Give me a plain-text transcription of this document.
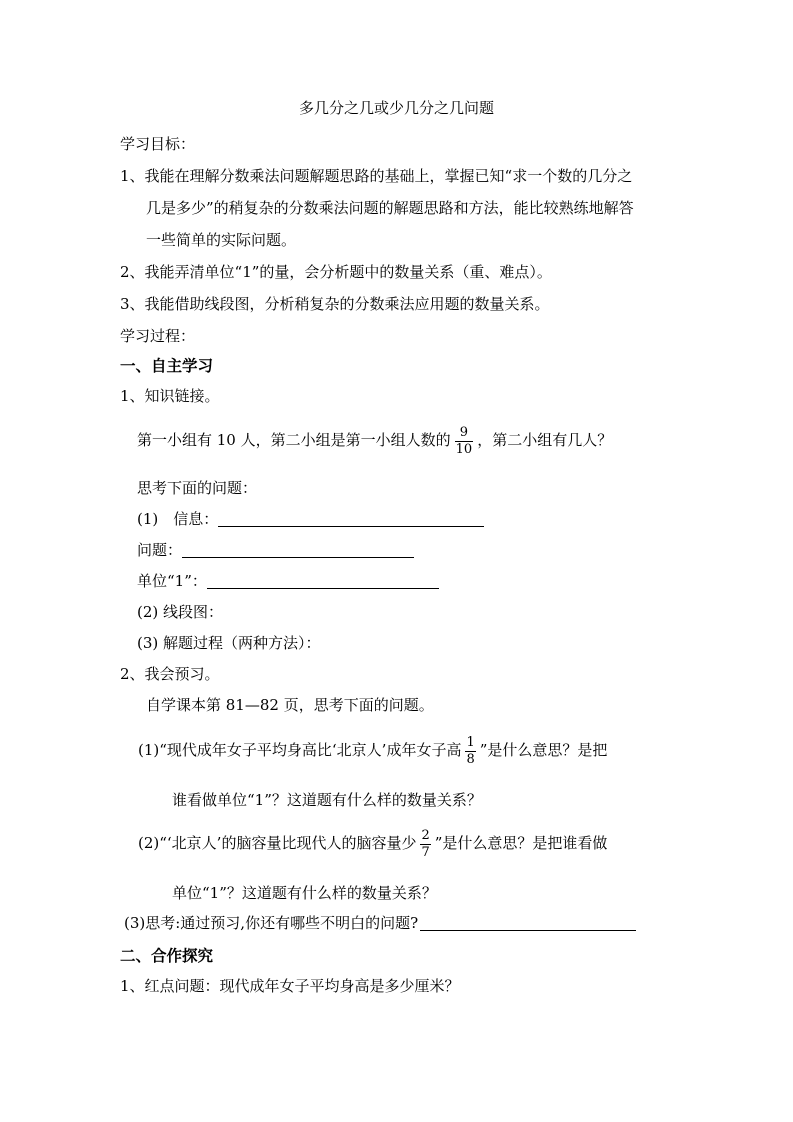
多几分之几或少几分之几问题
学习目标：
1、我能在理解分数乘法问题解题思路的基础上，掌握已知“求一个数的几分之
几是多少”的稍复杂的分数乘法问题的解题思路和方法，能比较熟练地解答
一些简单的实际问题。
2、我能弄清单位“1”的量，会分析题中的数量关系（重、难点）。
3、我能借助线段图，分析稍复杂的分数乘法应用题的数量关系。
学习过程：
一、自主学习
1、知识链接。
第一小组有 10 人，第二小组是第一小组人数的 $\frac{9}{10}$ ，第二小组有几人？
思考下面的问题：
(1)　信息：
问题：
单位“1”：
(2) 线段图：
(3) 解题过程（两种方法）：
2、我会预习。
自学课本第 81—82 页，思考下面的问题。
(1)“现代成年女子平均身高比‘北京人’成年女子高 $\frac{1}{8}$ ”是什么意思？是把
谁看做单位“1”？这道题有什么样的数量关系？
(2)“‘北京人’的脑容量比现代人的脑容量少 $\frac{2}{7}$ ”是什么意思？是把谁看做
单位“1”？这道题有什么样的数量关系？
(3)思考:通过预习,你还有哪些不明白的问题?
二、合作探究
1、红点问题：现代成年女子平均身高是多少厘米？
